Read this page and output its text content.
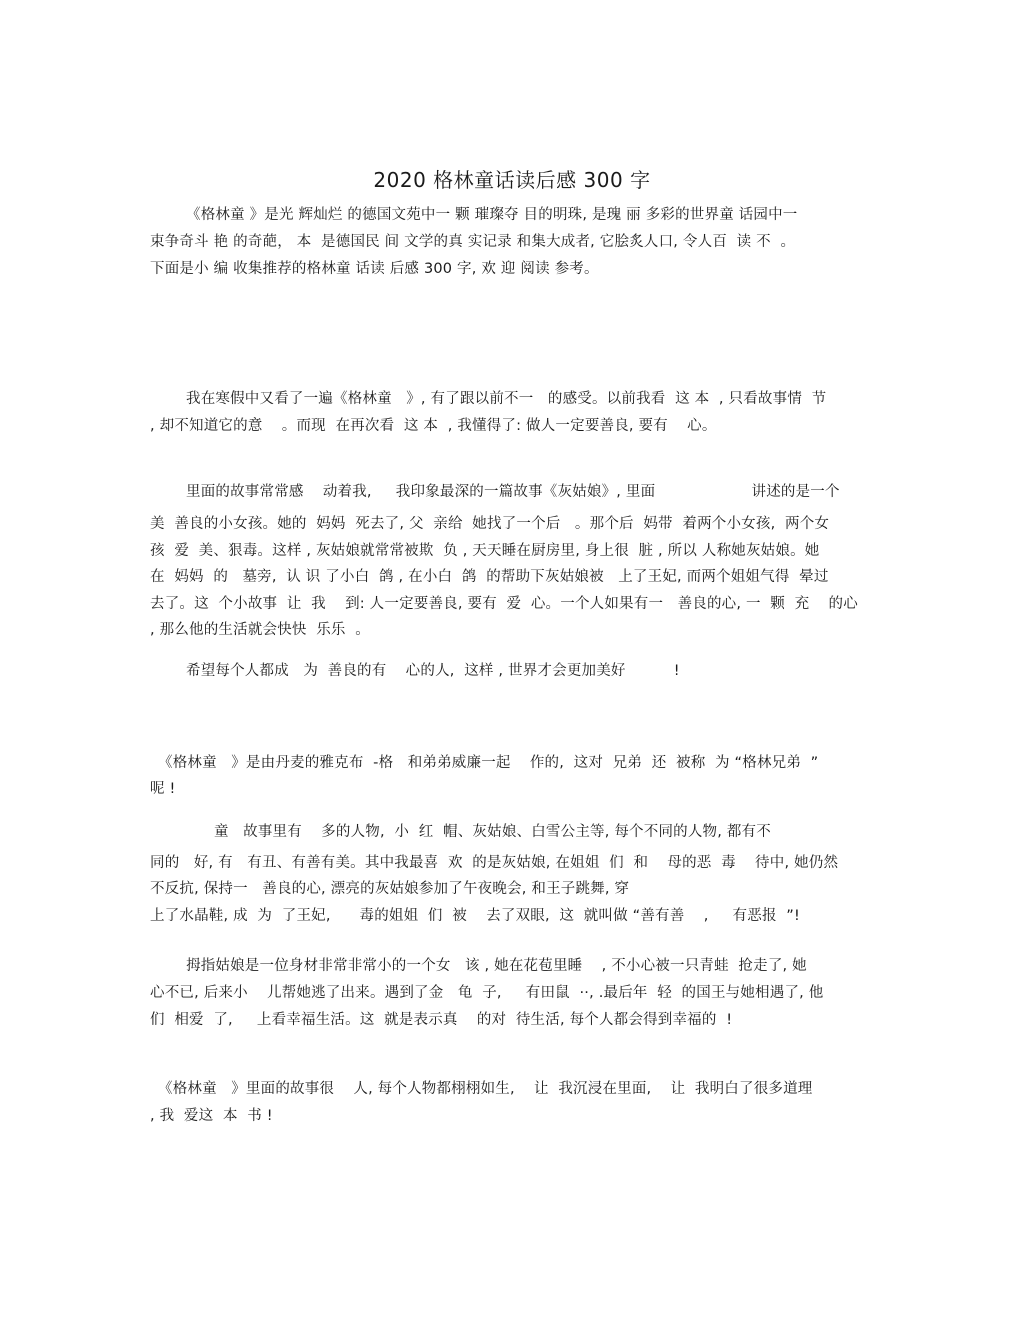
2020 格林童话读后感 300 字
《格林童 》是光 辉灿烂 的德国文苑中一 颗 璀璨夺 目的明珠, 是瑰 丽 多彩的世界童 话园中一
束争奇斗 艳 的奇葩， 本  是德国民 间 文学的真 实记录 和集大成者, 它脍炙人口, 令人百  读 不  。
下面是小 编 收集推荐的格林童 话读 后感 300 字, 欢 迎 阅读 参考。
我在寒假中又看了一遍《格林童   》, 有了跟以前不一   的感受。以前我看  这 本  , 只看故事情  节
, 却不知道它的意    。而现  在再次看  这 本  , 我懂得了: 做人一定要善良, 要有    心。
里面的故事常常感    动着我,     我印象最深的一篇故事《灰姑娘》, 里面                    讲述的是一个
美  善良的小女孩。她的  妈妈  死去了, 父  亲给  她找了一个后   。那个后  妈带  着两个小女孩,  两个女
孩  爱  美、狠毒。这样 , 灰姑娘就常常被欺  负 , 天天睡在厨房里, 身上很  脏 , 所以 人称她灰姑娘。她
在  妈妈  的   墓旁,  认 识 了小白  鸽 , 在小白  鸽  的帮助下灰姑娘被   上了王妃, 而两个姐姐气得  晕过
去了。这  个小故事  让  我    到: 人一定要善良, 要有  爱  心。一个人如果有一   善良的心, 一  颗  充    的心
, 那么他的生活就会快快  乐乐  。
希望每个人都成   为  善良的有    心的人,  这样 , 世界才会更加美好          !
《格林童   》是由丹麦的雅克布  -格   和弟弟威廉一起    作的,  这对  兄弟  还  被称  为 “格林兄弟  ”
呢 !
童   故事里有    多的人物,  小  红  帽、灰姑娘、白雪公主等, 每个不同的人物, 都有不
同的   好, 有   有丑、有善有美。其中我最喜  欢  的是灰姑娘, 在姐姐  们  和    母的恶  毒    待中, 她仍然
不反抗, 保持一   善良的心, 漂亮的灰姑娘参加了午夜晚会, 和王子跳舞, 穿
上了水晶鞋, 成  为  了王妃,      毒的姐姐  们  被    去了双眼,  这  就叫做 “善有善    ,     有恶报  ”!
拇指姑娘是一位身材非常非常小的一个女   该 , 她在花苞里睡    , 不小心被一只青蛙  抢走了, 她
心不已, 后来小    儿帮她逃了出来。遇到了金   龟  子,     有田鼠  ··, .最后年  轻  的国王与她相遇了, 他
们  相爱  了,     上看幸福生活。这  就是表示真    的对  待生活, 每个人都会得到幸福的  !
《格林童   》里面的故事很    人, 每个人物都栩栩如生,    让  我沉浸在里面,    让  我明白了很多道理
, 我  爱这  本  书 !
